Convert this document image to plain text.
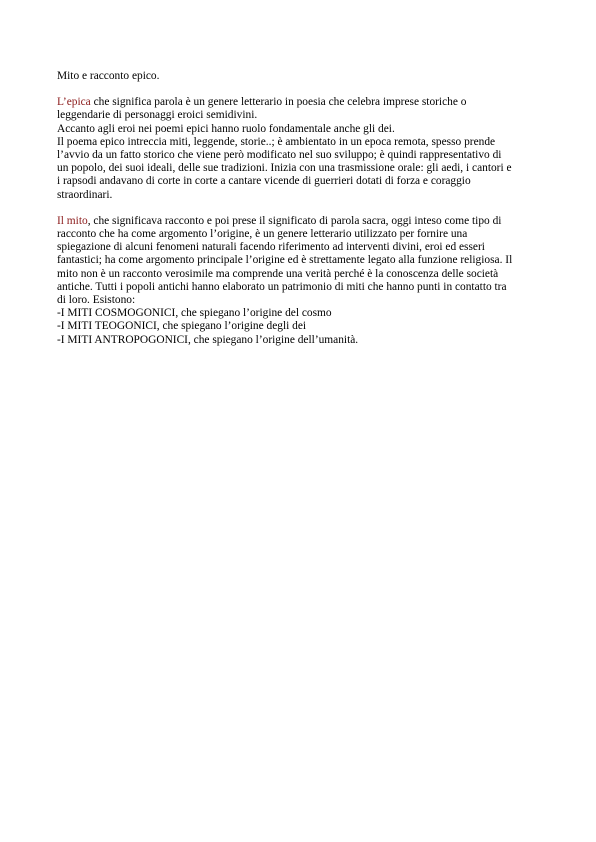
Mito e racconto epico.

L’epica che significa parola è un genere letterario in poesia che celebra imprese storiche o
leggendarie di personaggi eroici semidivini.
Accanto agli eroi nei poemi epici hanno ruolo fondamentale anche gli dei.
Il poema epico intreccia miti, leggende, storie..; è ambientato in un epoca remota, spesso prende
l’avvio da un fatto storico che viene però modificato nel suo sviluppo; è quindi rappresentativo di
un popolo, dei suoi ideali, delle sue tradizioni. Inizia con una trasmissione orale: gli aedi, i cantori e
i rapsodi andavano di corte in corte a cantare vicende di guerrieri dotati di forza e coraggio
straordinari.

Il mito, che significava racconto e poi prese il significato di parola sacra, oggi inteso come tipo di
racconto che ha come argomento l’origine, è un genere letterario utilizzato per fornire una
spiegazione di alcuni fenomeni naturali facendo riferimento ad interventi divini, eroi ed esseri
fantastici; ha come argomento principale l’origine ed è strettamente legato alla funzione religiosa. Il
mito non è un racconto verosimile ma comprende una verità perché è la conoscenza delle società
antiche. Tutti i popoli antichi hanno elaborato un patrimonio di miti che hanno punti in contatto tra
di loro. Esistono:
-I MITI COSMOGONICI, che spiegano l’origine del cosmo
-I MITI TEOGONICI, che spiegano l’origine degli dei
-I MITI ANTROPOGONICI, che spiegano l’origine dell’umanità.
